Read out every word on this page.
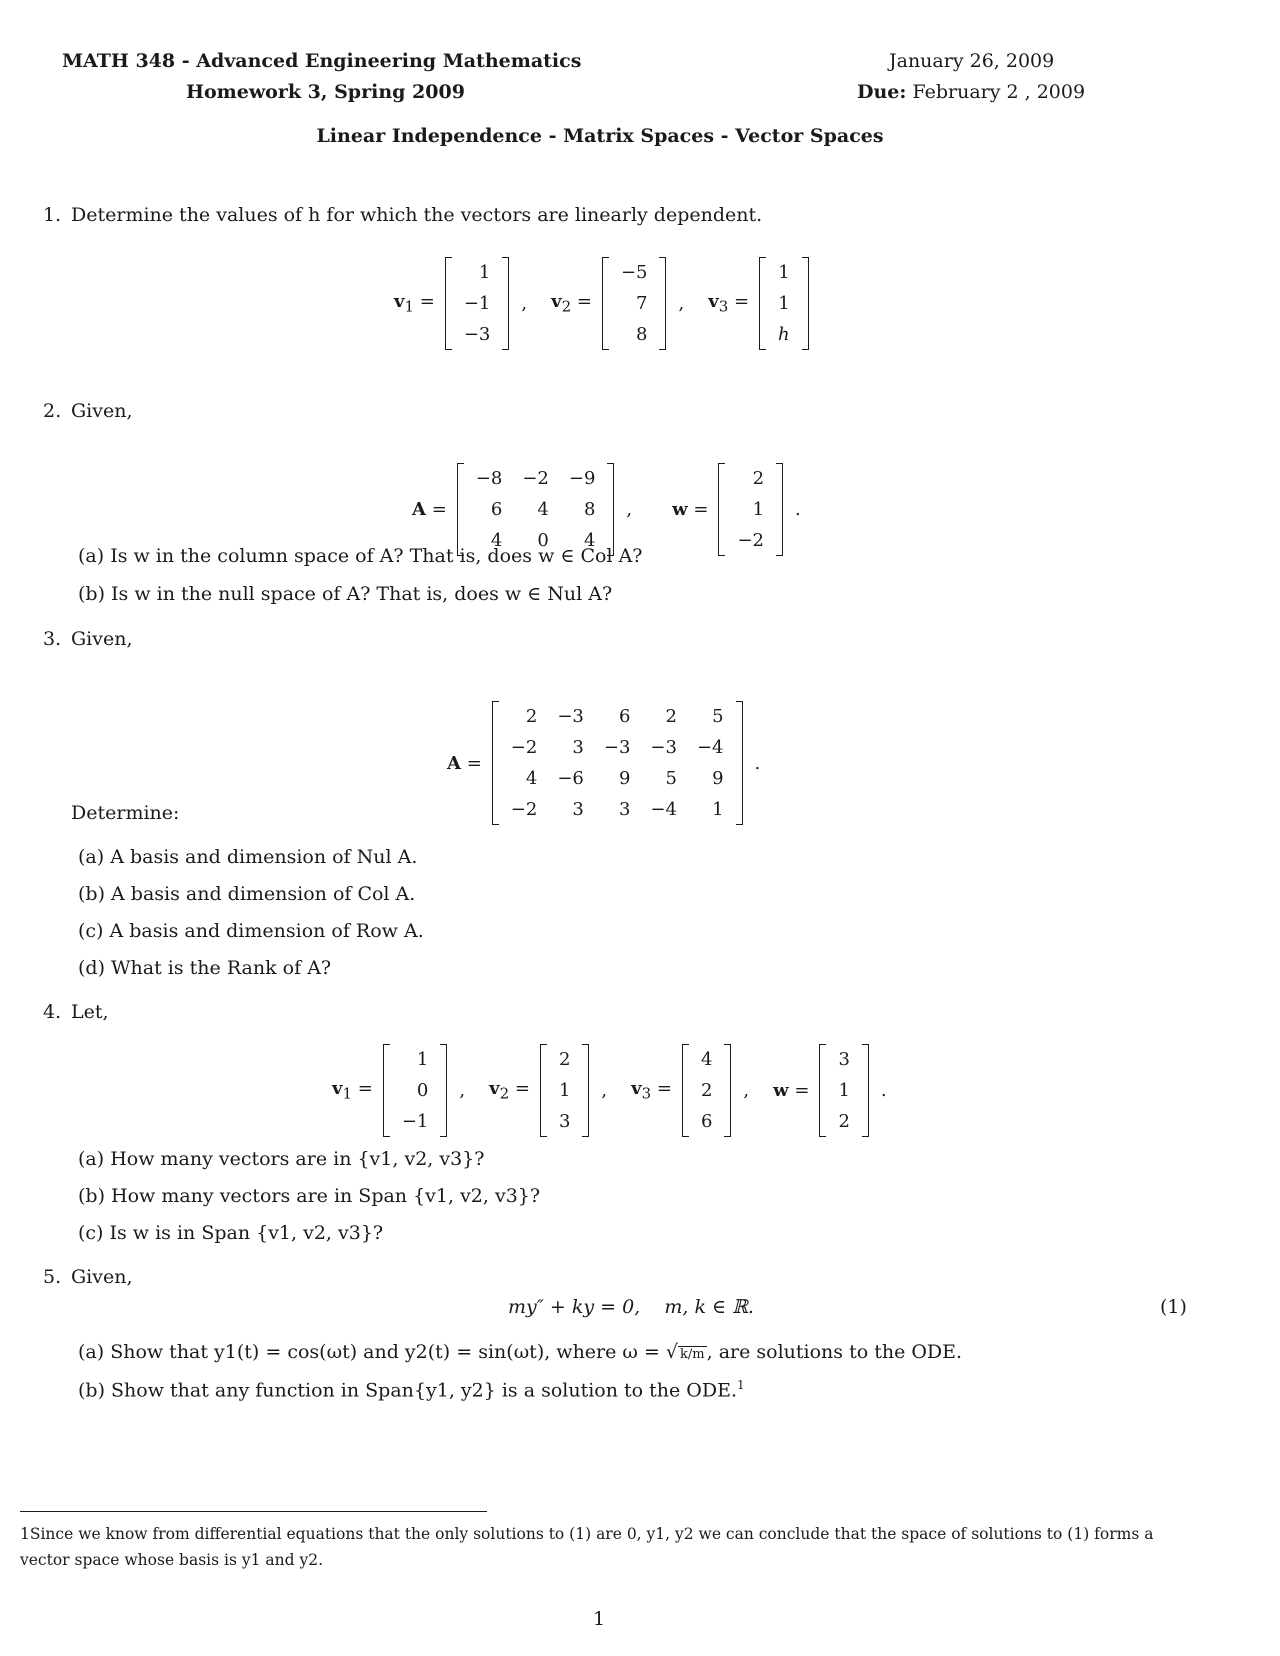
MATH 348 - Advanced Engineering Mathematics
Homework 3, Spring 2009
January 26, 2009
Due: February 2 , 2009
Linear Independence - Matrix Spaces - Vector Spaces
1. Determine the values of h for which the vectors are linearly dependent.
$v_1$ =
1
−1
−3
, $v_2$ =
−5
7
8
, $v_3$ =
1
1
h
2. Given,
A =
−8	−2	−9
6	4	8
4	0	4
, w =
2
1
−2
.
(a) Is w in the column space of A? That is, does w ∈ Col A?
(b) Is w in the null space of A? That is, does w ∈ Nul A?
3. Given,
A =
2	−3	6	2	5
−2	3	−3	−3	−4
4	−6	9	5	9
−2	3	3	−4	1
.
Determine:
(a) A basis and dimension of Nul A.
(b) A basis and dimension of Col A.
(c) A basis and dimension of Row A.
(d) What is the Rank of A?
4. Let,
$v_1$ =
1
0
−1
, $v_2$ =
2
1
3
, $v_3$ =
4
2
6
, w =
3
1
2
.
(a) How many vectors are in {v1, v2, v3}?
(b) How many vectors are in Span {v1, v2, v3}?
(c) Is w is in Span {v1, v2, v3}?
5. Given,
my″ + ky = 0,    m, k ∈ ℝ.	(1)
(a) Show that y1(t) = cos(ωt) and y2(t) = sin(ωt), where ω = √ k/m , are solutions to the ODE.
(b) Show that any function in Span{y1, y2} is a solution to the ODE.$^1$
1Since we know from differential equations that the only solutions to (1) are 0, y1, y2 we can conclude that the space of solutions to (1) forms a vector space whose basis is y1 and y2.
1
